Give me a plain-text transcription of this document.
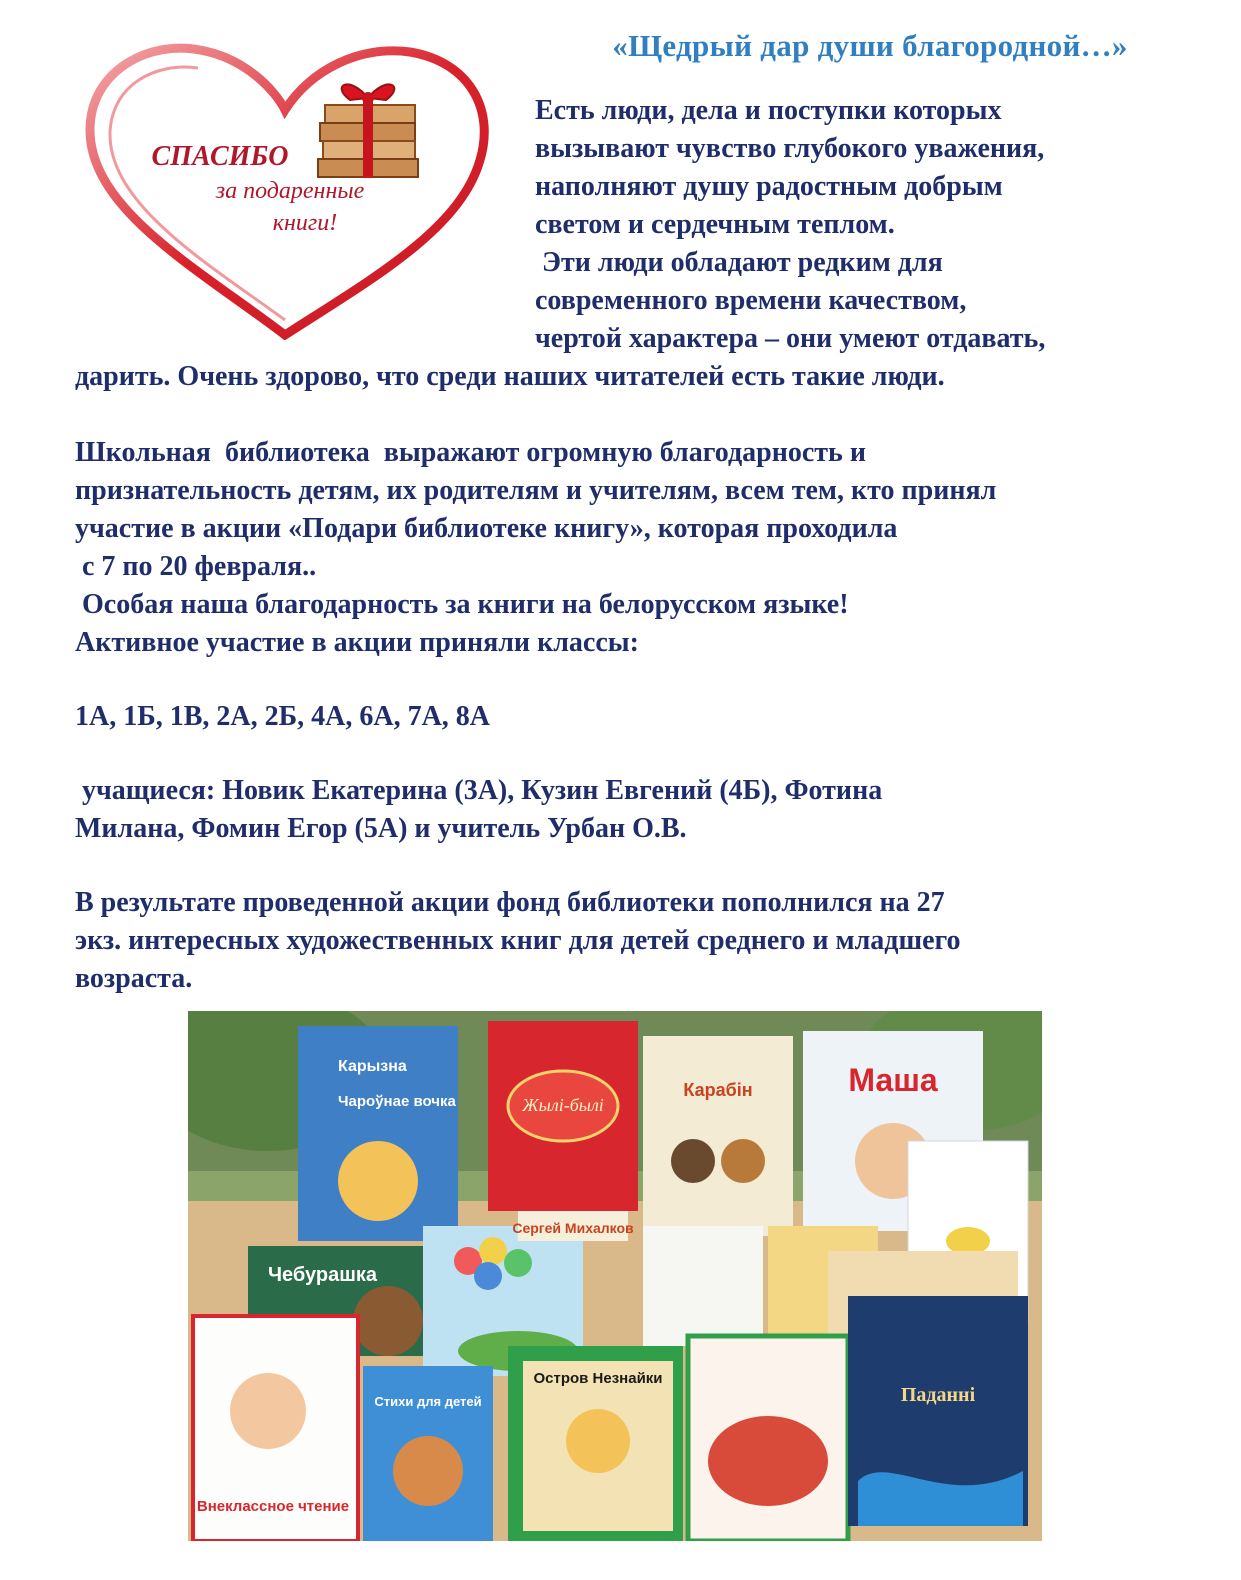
СПАСИБО
за подаренные
книги!
«Щедрый дар души благородной…»
Есть люди, дела и поступки которых
вызывают чувство глубокого уважения,
наполняют душу радостным добрым
светом и сердечным теплом.
Эти люди обладают редким для
современного времени качеством,
чертой характера – они умеют отдавать,
дарить. Очень здорово, что среди наших читателей есть такие люди.
Школьная  библиотека  выражают огромную благодарность и
признательность детям, их родителям и учителям, всем тем, кто принял
участие в акции «Подари библиотеке книгу», которая проходила
с 7 по 20 февраля..
Особая наша благодарность за книги на белорусском языке!
Активное участие в акции приняли классы:
1А, 1Б, 1В, 2А, 2Б, 4А, 6А, 7А, 8А
учащиеся: Новик Екатерина (3А), Кузин Евгений (4Б), Фотина
Милана, Фомин Егор (5А) и учитель Урбан О.В.
В результате проведенной акции фонд библиотеки пополнился на 27
экз. интересных художественных книг для детей среднего и младшего
возраста.
Карызна
Чароўнае вочка	Жылі-былі
Карабін	Маша
Чебурашка
Сергей Михалков
Внеклассное чтение
Стихи для детей
Остров Незнайки
Паданні
